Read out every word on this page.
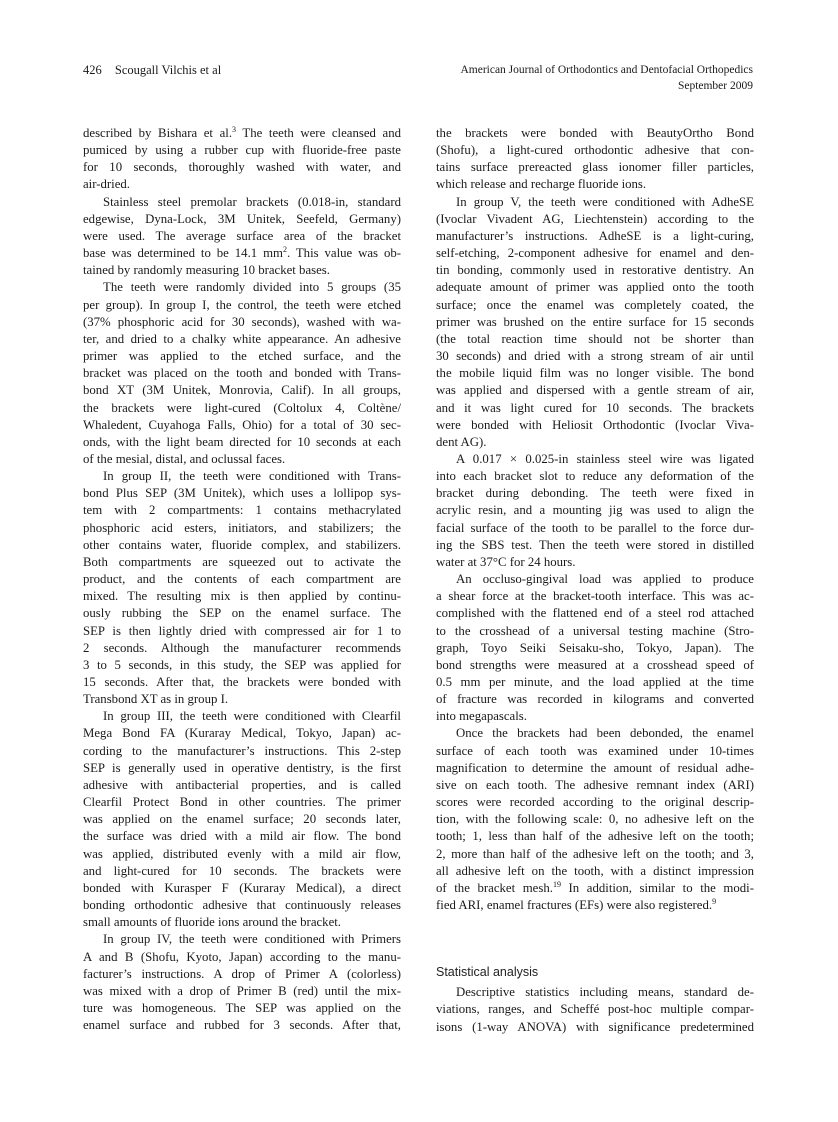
426 Scougall Vilchis et al	American Journal of Orthodontics and Dentofacial Orthopedics
September 2009
described by Bishara et al.$^3$ The teeth were cleansed and
pumiced by using a rubber cup with fluoride-free paste
for 10 seconds, thoroughly washed with water, and
air-dried.
Stainless steel premolar brackets (0.018-in, standard
edgewise, Dyna-Lock, 3M Unitek, Seefeld, Germany)
were used. The average surface area of the bracket
base was determined to be 14.1 $mm^2$. This value was ob-
tained by randomly measuring 10 bracket bases.
The teeth were randomly divided into 5 groups (35
per group). In group I, the control, the teeth were etched
(37% phosphoric acid for 30 seconds), washed with wa-
ter, and dried to a chalky white appearance. An adhesive
primer was applied to the etched surface, and the
bracket was placed on the tooth and bonded with Trans-
bond XT (3M Unitek, Monrovia, Calif). In all groups,
the brackets were light-cured (Coltolux 4, Coltène/
Whaledent, Cuyahoga Falls, Ohio) for a total of 30 sec-
onds, with the light beam directed for 10 seconds at each
of the mesial, distal, and oclussal faces.
In group II, the teeth were conditioned with Trans-
bond Plus SEP (3M Unitek), which uses a lollipop sys-
tem with 2 compartments: 1 contains methacrylated
phosphoric acid esters, initiators, and stabilizers; the
other contains water, fluoride complex, and stabilizers.
Both compartments are squeezed out to activate the
product, and the contents of each compartment are
mixed. The resulting mix is then applied by continu-
ously rubbing the SEP on the enamel surface. The
SEP is then lightly dried with compressed air for 1 to
2 seconds. Although the manufacturer recommends
3 to 5 seconds, in this study, the SEP was applied for
15 seconds. After that, the brackets were bonded with
Transbond XT as in group I.
In group III, the teeth were conditioned with Clearfil
Mega Bond FA (Kuraray Medical, Tokyo, Japan) ac-
cording to the manufacturer’s instructions. This 2-step
SEP is generally used in operative dentistry, is the first
adhesive with antibacterial properties, and is called
Clearfil Protect Bond in other countries. The primer
was applied on the enamel surface; 20 seconds later,
the surface was dried with a mild air flow. The bond
was applied, distributed evenly with a mild air flow,
and light-cured for 10 seconds. The brackets were
bonded with Kurasper F (Kuraray Medical), a direct
bonding orthodontic adhesive that continuously releases
small amounts of fluoride ions around the bracket.
In group IV, the teeth were conditioned with Primers
A and B (Shofu, Kyoto, Japan) according to the manu-
facturer’s instructions. A drop of Primer A (colorless)
was mixed with a drop of Primer B (red) until the mix-
ture was homogeneous. The SEP was applied on the
enamel surface and rubbed for 3 seconds. After that,
the brackets were bonded with BeautyOrtho Bond
(Shofu), a light-cured orthodontic adhesive that con-
tains surface prereacted glass ionomer filler particles,
which release and recharge fluoride ions.
In group V, the teeth were conditioned with AdheSE
(Ivoclar Vivadent AG, Liechtenstein) according to the
manufacturer’s instructions. AdheSE is a light-curing,
self-etching, 2-component adhesive for enamel and den-
tin bonding, commonly used in restorative dentistry. An
adequate amount of primer was applied onto the tooth
surface; once the enamel was completely coated, the
primer was brushed on the entire surface for 15 seconds
(the total reaction time should not be shorter than
30 seconds) and dried with a strong stream of air until
the mobile liquid film was no longer visible. The bond
was applied and dispersed with a gentle stream of air,
and it was light cured for 10 seconds. The brackets
were bonded with Heliosit Orthodontic (Ivoclar Viva-
dent AG).
A 0.017 × 0.025-in stainless steel wire was ligated
into each bracket slot to reduce any deformation of the
bracket during debonding. The teeth were fixed in
acrylic resin, and a mounting jig was used to align the
facial surface of the tooth to be parallel to the force dur-
ing the SBS test. Then the teeth were stored in distilled
water at 37°C for 24 hours.
An occluso-gingival load was applied to produce
a shear force at the bracket-tooth interface. This was ac-
complished with the flattened end of a steel rod attached
to the crosshead of a universal testing machine (Stro-
graph, Toyo Seiki Seisaku-sho, Tokyo, Japan). The
bond strengths were measured at a crosshead speed of
0.5 mm per minute, and the load applied at the time
of fracture was recorded in kilograms and converted
into megapascals.
Once the brackets had been debonded, the enamel
surface of each tooth was examined under 10-times
magnification to determine the amount of residual adhe-
sive on each tooth. The adhesive remnant index (ARI)
scores were recorded according to the original descrip-
tion, with the following scale: 0, no adhesive left on the
tooth; 1, less than half of the adhesive left on the tooth;
2, more than half of the adhesive left on the tooth; and 3,
all adhesive left on the tooth, with a distinct impression
of the bracket mesh.$^{19}$ In addition, similar to the modi-
fied ARI, enamel fractures (EFs) were also registered.$^9$
Statistical analysis
Descriptive statistics including means, standard de-
viations, ranges, and Scheffé post-hoc multiple compar-
isons (1-way ANOVA) with significance predetermined
